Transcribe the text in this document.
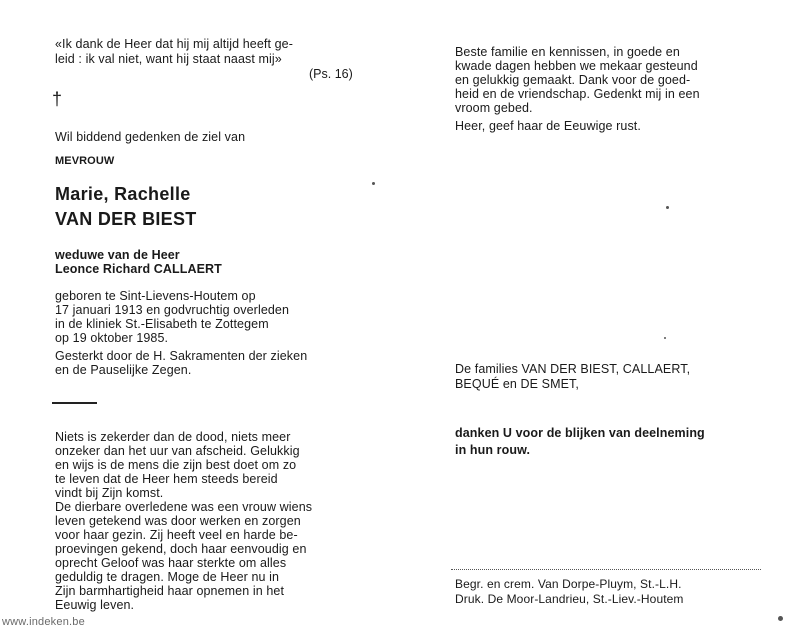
«Ik dank de Heer dat hij mij altijd heeft ge-
leid : ik val niet, want hij staat naast mij»
(Ps. 16)
†
Wil biddend gedenken de ziel van
MEVROUW
Marie, Rachelle
VAN DER BIEST
weduwe van de Heer
Leonce Richard CALLAERT
geboren te Sint-Lievens-Houtem op
17 januari 1913 en godvruchtig overleden
in de kliniek St.-Elisabeth te Zottegem
op 19 oktober 1985.
Gesterkt door de H. Sakramenten der zieken
en de Pauselijke Zegen.
Niets is zekerder dan de dood, niets meer
onzeker dan het uur van afscheid. Gelukkig
en wijs is de mens die zijn best doet om zo
te leven dat de Heer hem steeds bereid
vindt bij Zijn komst.
De dierbare overledene was een vrouw wiens
leven getekend was door werken en zorgen
voor haar gezin. Zij heeft veel en harde be-
proevingen gekend, doch haar eenvoudig en
oprecht Geloof was haar sterkte om alles
geduldig te dragen. Moge de Heer nu in
Zijn barmhartigheid haar opnemen in het
Eeuwig leven.
Beste familie en kennissen, in goede en
kwade dagen hebben we mekaar gesteund
en gelukkig gemaakt. Dank voor de goed-
heid en de vriendschap. Gedenkt mij in een
vroom gebed.
Heer, geef haar de Eeuwige rust.
De families VAN DER BIEST, CALLAERT,
BEQUÉ en DE SMET,
danken U voor de blijken van deelneming
in hun rouw.
Begr. en crem. Van Dorpe-Pluym, St.-L.H.
Druk. De Moor-Landrieu, St.-Liev.-Houtem
www.indeken.be
